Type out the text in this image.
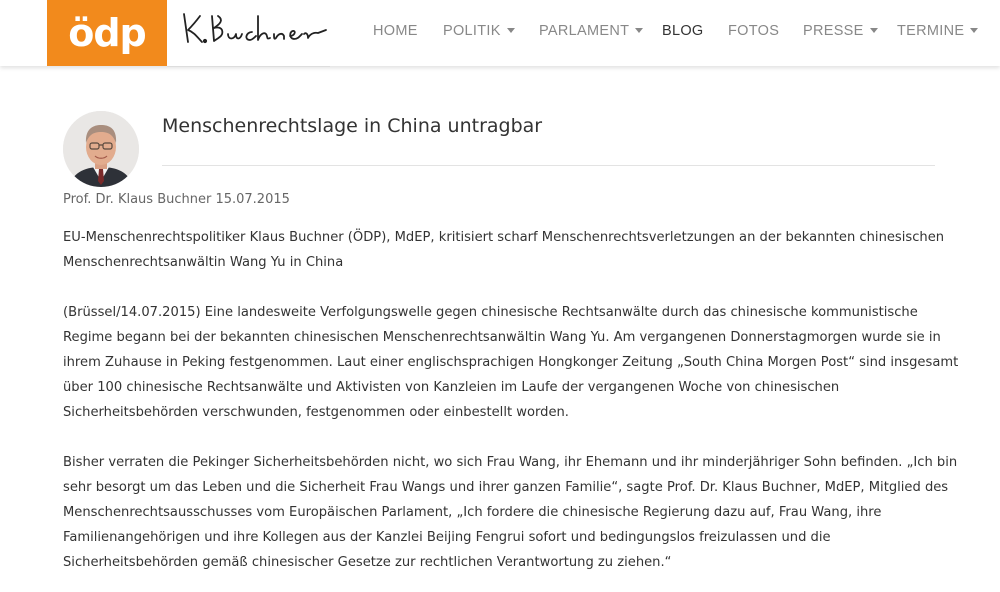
ödp	HOME POLITIK	PARLAMENT	BLOG FOTOS PRESSE	TERMINE
Menschenrechtslage in China untragbar
Prof. Dr. Klaus Buchner 15.07.2015

EU-Menschenrechtspolitiker Klaus Buchner (ÖDP), MdEP, kritisiert scharf Menschenrechtsverletzungen an der bekannten chinesischen
Menschenrechtsanwältin Wang Yu in China

(Brüssel/14.07.2015) Eine landesweite Verfolgungswelle gegen chinesische Rechtsanwälte durch das chinesische kommunistische
Regime begann bei der bekannten chinesischen Menschenrechtsanwältin Wang Yu. Am vergangenen Donnerstagmorgen wurde sie in
ihrem Zuhause in Peking festgenommen. Laut einer englischsprachigen Hongkonger Zeitung „South China Morgen Post“ sind insgesamt
über 100 chinesische Rechtsanwälte und Aktivisten von Kanzleien im Laufe der vergangenen Woche von chinesischen
Sicherheitsbehörden verschwunden, festgenommen oder einbestellt worden.

Bisher verraten die Pekinger Sicherheitsbehörden nicht, wo sich Frau Wang, ihr Ehemann und ihr minderjähriger Sohn befinden. „Ich bin
sehr besorgt um das Leben und die Sicherheit Frau Wangs und ihrer ganzen Familie“, sagte Prof. Dr. Klaus Buchner, MdEP, Mitglied des
Menschenrechtsausschusses vom Europäischen Parlament, „Ich fordere die chinesische Regierung dazu auf, Frau Wang, ihre
Familienangehörigen und ihre Kollegen aus der Kanzlei Beijing Fengrui sofort und bedingungslos freizulassen und die
Sicherheitsbehörden gemäß chinesischer Gesetze zur rechtlichen Verantwortung zu ziehen.“
